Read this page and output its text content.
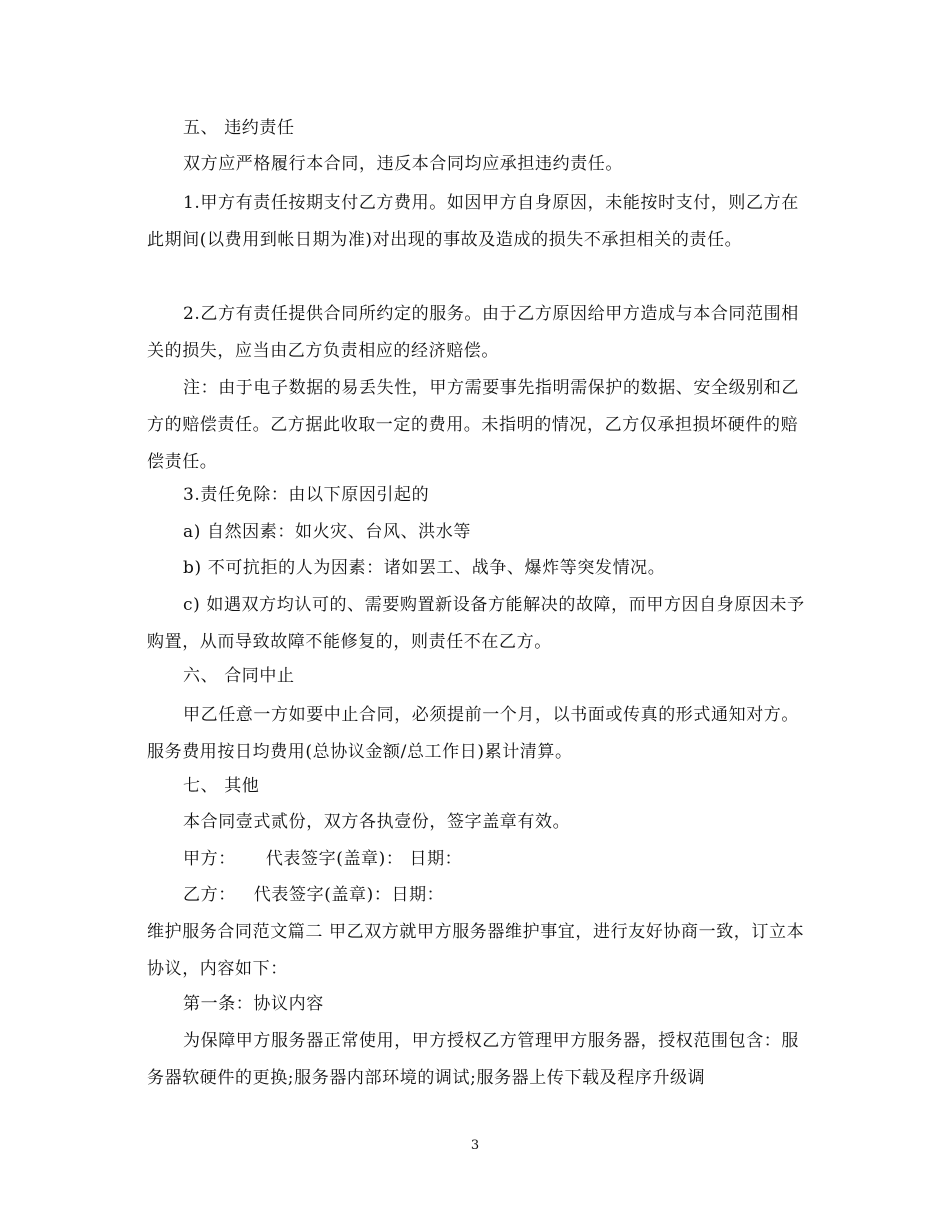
五、 违约责任

双方应严格履行本合同，违反本合同均应承担违约责任。

1.甲方有责任按期支付乙方费用。如因甲方自身原因，未能按时支付，则乙方在此期间(以费用到帐日期为准)对出现的事故及造成的损失不承担相关的责任。

2.乙方有责任提供合同所约定的服务。由于乙方原因给甲方造成与本合同范围相关的损失，应当由乙方负责相应的经济赔偿。

注：由于电子数据的易丢失性，甲方需要事先指明需保护的数据、安全级别和乙方的赔偿责任。乙方据此收取一定的费用。未指明的情况，乙方仅承担损坏硬件的赔偿责任。

3.责任免除：由以下原因引起的

a) 自然因素：如火灾、台风、洪水等

b) 不可抗拒的人为因素：诸如罢工、战争、爆炸等突发情况。

c) 如遇双方均认可的、需要购置新设备方能解决的故障，而甲方因自身原因未予购置，从而导致故障不能修复的，则责任不在乙方。

六、 合同中止

甲乙任意一方如要中止合同，必须提前一个月，以书面或传真的形式通知对方。 服务费用按日均费用(总协议金额/总工作日)累计清算。

七、 其他

本合同壹式贰份，双方各执壹份，签字盖章有效。

甲方：     代表签字(盖章)： 日期：

乙方：   代表签字(盖章)：日期：

维护服务合同范文篇二 甲乙双方就甲方服务器维护事宜，进行友好协商一致，订立本协议，内容如下：

第一条：协议内容

为保障甲方服务器正常使用，甲方授权乙方管理甲方服务器，授权范围包含：服务器软硬件的更换;服务器内部环境的调试;服务器上传下载及程序升级调

3
